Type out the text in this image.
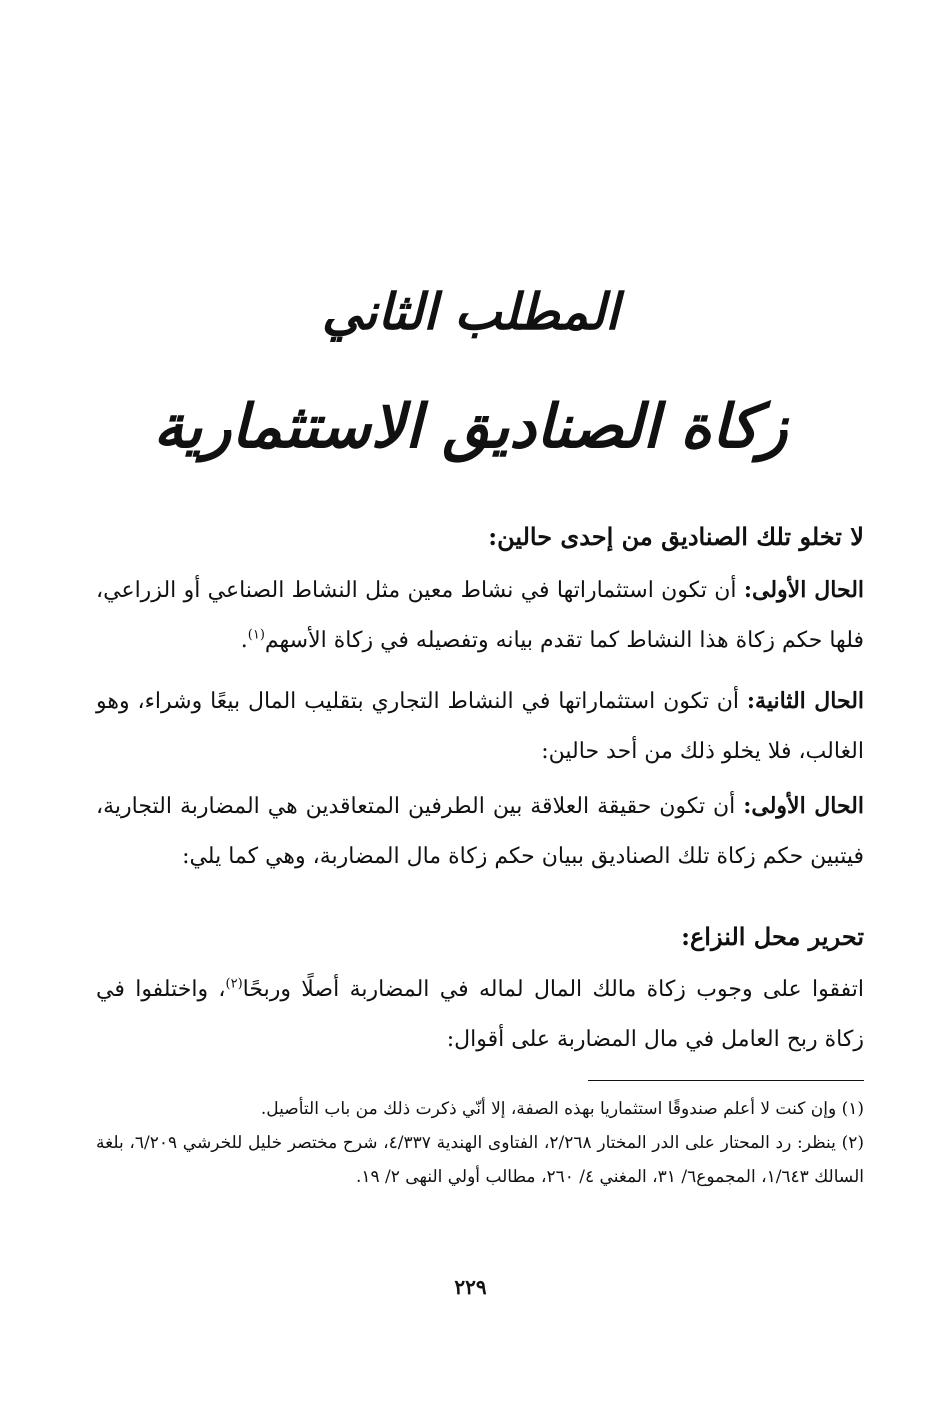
المطلب الثاني
زكاة الصناديق الاستثمارية
لا تخلو تلك الصناديق من إحدى حالين:
الحال الأولى: أن تكون استثماراتها في نشاط معين مثل النشاط الصناعي أو الزراعي، فلها حكم زكاة هذا النشاط كما تقدم بيانه وتفصيله في زكاة الأسهم$^{(١)}$.
الحال الثانية: أن تكون استثماراتها في النشاط التجاري بتقليب المال بيعًا وشراء، وهو الغالب، فلا يخلو ذلك من أحد حالين:
الحال الأولى: أن تكون حقيقة العلاقة بين الطرفين المتعاقدين هي المضاربة التجارية، فيتبين حكم زكاة تلك الصناديق ببيان حكم زكاة مال المضاربة، وهي كما يلي:
تحرير محل النزاع:
اتفقوا على وجوب زكاة مالك المال لماله في المضاربة أصلًا وربحًا$^{(٢)}$، واختلفوا في زكاة ربح العامل في مال المضاربة على أقوال:

(١) وإن كنت لا أعلم صندوقًا استثماريا بهذه الصفة، إلا أنّي ذكرت ذلك من باب التأصيل.

(٢) ينظر: رد المحتار على الدر المختار ٢/٢٦٨، الفتاوى الهندية ٤/٣٣٧، شرح مختصر خليل للخرشي ٦/٢٠٩، بلغة السالك ١/٦٤٣، المجموع٦/ ٣١، المغني ٤/ ٢٦٠، مطالب أولي النهى ٢/ ١٩.

٢٢٩
